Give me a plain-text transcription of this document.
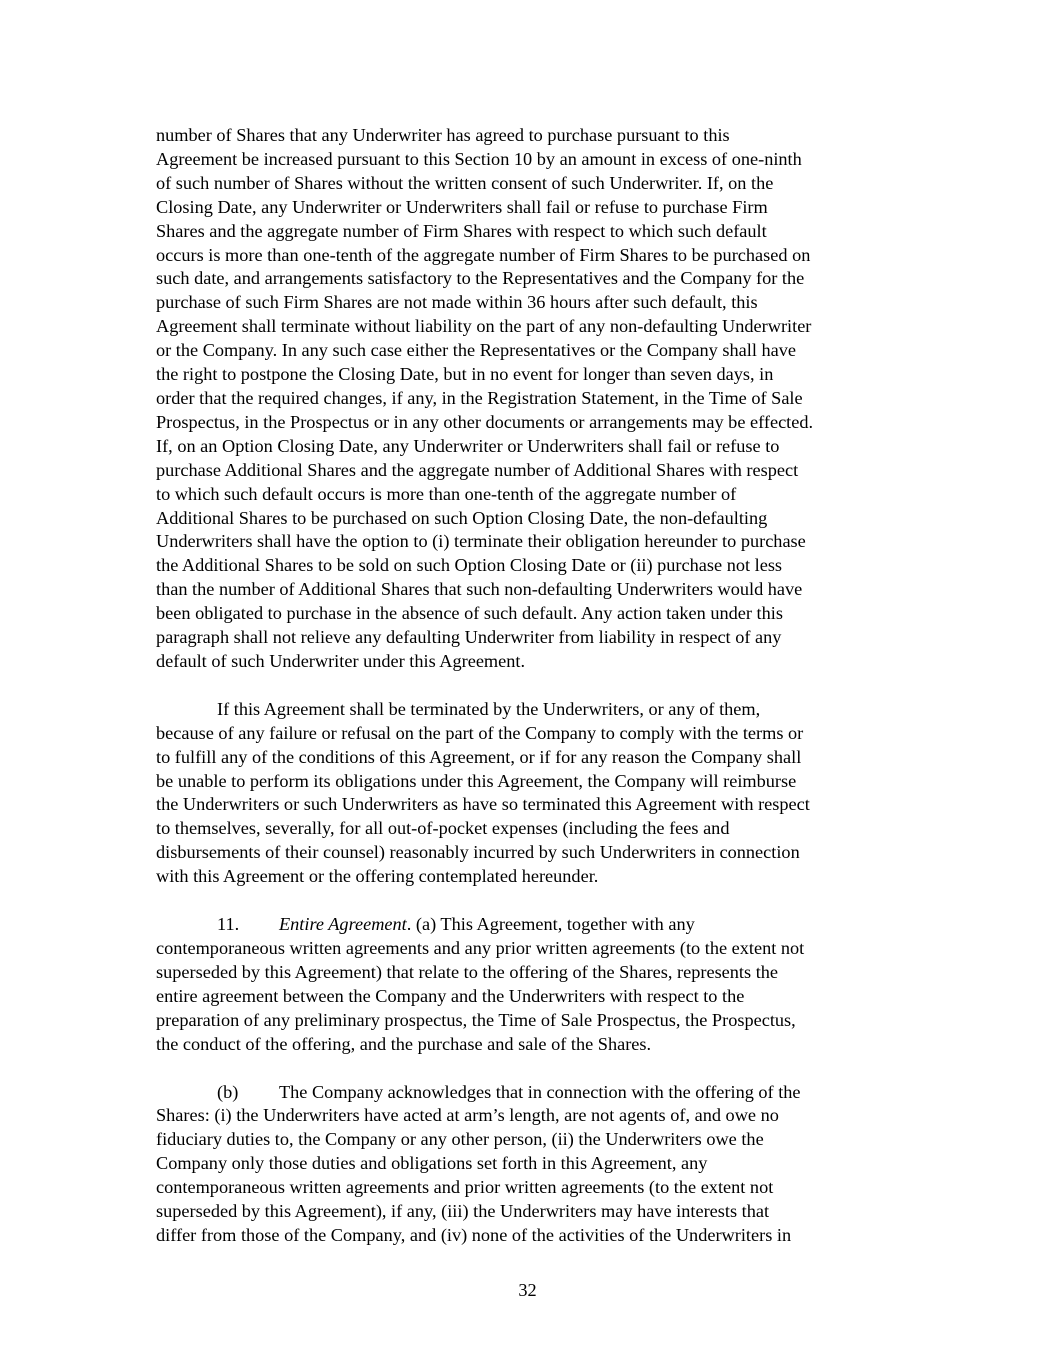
number of Shares that any Underwriter has agreed to purchase pursuant to this
Agreement be increased pursuant to this Section 10 by an amount in excess of one-ninth
of such number of Shares without the written consent of such Underwriter. If, on the
Closing Date, any Underwriter or Underwriters shall fail or refuse to purchase Firm
Shares and the aggregate number of Firm Shares with respect to which such default
occurs is more than one-tenth of the aggregate number of Firm Shares to be purchased on
such date, and arrangements satisfactory to the Representatives and the Company for the
purchase of such Firm Shares are not made within 36 hours after such default, this
Agreement shall terminate without liability on the part of any non-defaulting Underwriter
or the Company. In any such case either the Representatives or the Company shall have
the right to postpone the Closing Date, but in no event for longer than seven days, in
order that the required changes, if any, in the Registration Statement, in the Time of Sale
Prospectus, in the Prospectus or in any other documents or arrangements may be effected.
If, on an Option Closing Date, any Underwriter or Underwriters shall fail or refuse to
purchase Additional Shares and the aggregate number of Additional Shares with respect
to which such default occurs is more than one-tenth of the aggregate number of
Additional Shares to be purchased on such Option Closing Date, the non-defaulting
Underwriters shall have the option to (i) terminate their obligation hereunder to purchase
the Additional Shares to be sold on such Option Closing Date or (ii) purchase not less
than the number of Additional Shares that such non-defaulting Underwriters would have
been obligated to purchase in the absence of such default. Any action taken under this
paragraph shall not relieve any defaulting Underwriter from liability in respect of any
default of such Underwriter under this Agreement.
If this Agreement shall be terminated by the Underwriters, or any of them,
because of any failure or refusal on the part of the Company to comply with the terms or
to fulfill any of the conditions of this Agreement, or if for any reason the Company shall
be unable to perform its obligations under this Agreement, the Company will reimburse
the Underwriters or such Underwriters as have so terminated this Agreement with respect
to themselves, severally, for all out-of-pocket expenses (including the fees and
disbursements of their counsel) reasonably incurred by such Underwriters in connection
with this Agreement or the offering contemplated hereunder.
11. Entire Agreement. (a) This Agreement, together with any
contemporaneous written agreements and any prior written agreements (to the extent not
superseded by this Agreement) that relate to the offering of the Shares, represents the
entire agreement between the Company and the Underwriters with respect to the
preparation of any preliminary prospectus, the Time of Sale Prospectus, the Prospectus,
the conduct of the offering, and the purchase and sale of the Shares.
(b) The Company acknowledges that in connection with the offering of the
Shares: (i) the Underwriters have acted at arm’s length, are not agents of, and owe no
fiduciary duties to, the Company or any other person, (ii) the Underwriters owe the
Company only those duties and obligations set forth in this Agreement, any
contemporaneous written agreements and prior written agreements (to the extent not
superseded by this Agreement), if any, (iii) the Underwriters may have interests that
differ from those of the Company, and (iv) none of the activities of the Underwriters in
32
